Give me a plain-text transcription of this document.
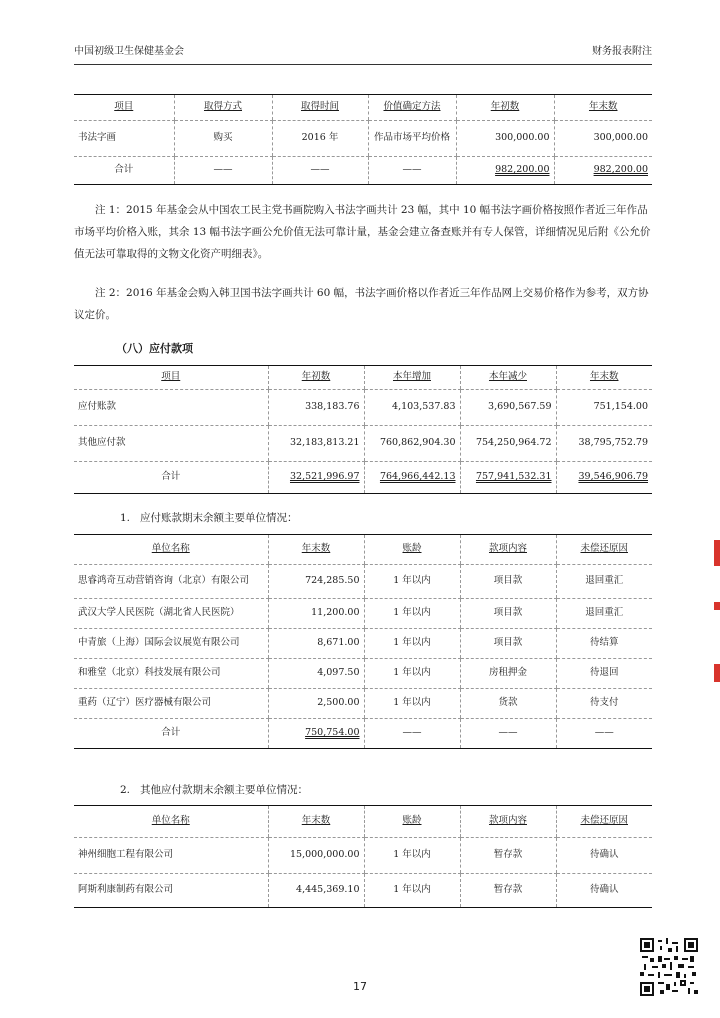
中国初级卫生保健基金会	财务报表附注
项目	取得方式	取得时间	价值确定方法	年初数	年末数
书法字画	购买	2016 年	作品市场平均价格	300,000.00	300,000.00
合计	——	——	——	982,200.00	982,200.00

注 1：2015 年基金会从中国农工民主党书画院购入书法字画共计 23 幅，其中 10 幅书法字画价格按照作者近三年作品市场平均价格入账，其余 13 幅书法字画公允价值无法可靠计量，基金会建立备查账并有专人保管，详细情况见后附《公允价值无法可靠取得的文物文化资产明细表》。

注 2：2016 年基金会购入韩卫国书法字画共计 60 幅，书法字画价格以作者近三年作品网上交易价格作为参考，双方协议定价。

（八）应付款项
项目	年初数	本年增加	本年减少	年末数
应付账款	338,183.76	4,103,537.83	3,690,567.59	751,154.00
其他应付款	32,183,813.21	760,862,904.30	754,250,964.72	38,795,752.79
合计	32,521,996.97	764,966,442.13	757,941,532.31	39,546,906.79
1.   应付账款期末余额主要单位情况：
单位名称	年末数	账龄	款项内容	未偿还原因
思睿鸿奇互动营销咨询（北京）有限公司	724,285.50	1 年以内	项目款	退回重汇
武汉大学人民医院（湖北省人民医院）	11,200.00	1 年以内	项目款	退回重汇
中青旅（上海）国际会议展览有限公司	8,671.00	1 年以内	项目款	待结算
和雅堂（北京）科技发展有限公司	4,097.50	1 年以内	房租押金	待退回
重药（辽宁）医疗器械有限公司	2,500.00	1 年以内	货款	待支付
合计	750,754.00	——	——	——
2.   其他应付款期末余额主要单位情况：
单位名称	年末数	账龄	款项内容	未偿还原因
神州细胞工程有限公司	15,000,000.00	1 年以内	暂存款	待确认
阿斯利康制药有限公司	4,445,369.10	1 年以内	暂存款	待确认
17
